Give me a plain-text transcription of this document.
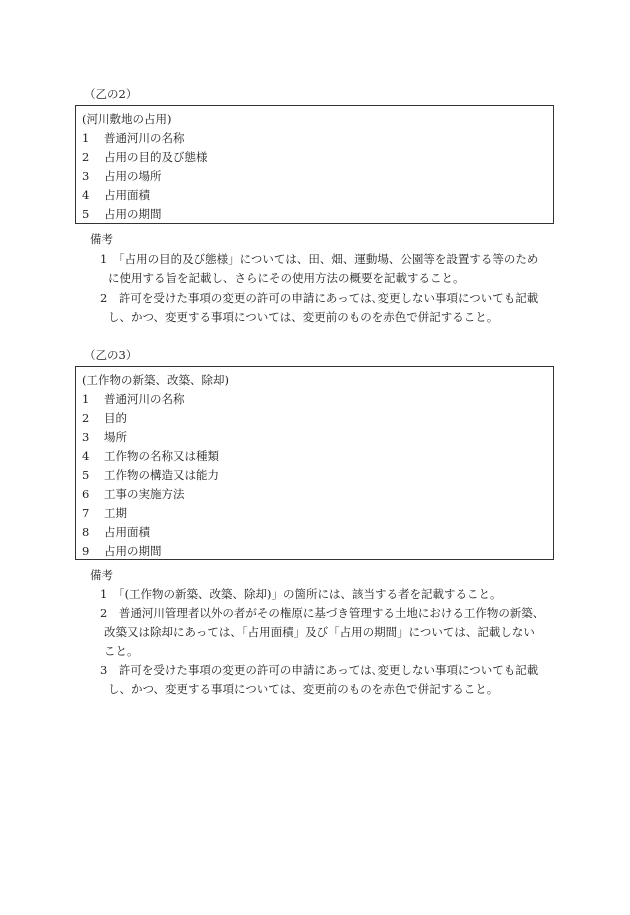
（乙の2）
(河川敷地の占用)
1 普通河川の名称
2 占用の目的及び態様
3 占用の場所
4 占用面積
5 占用の期間
備考
1　「占用の目的及び態様」については、田、畑、運動場、公園等を設置する等のため
に使用する旨を記載し、さらにその使用方法の概要を記載すること。
2　許可を受けた事項の変更の許可の申請にあっては､変更しない事項についても記載
し、かつ、変更する事項については、変更前のものを赤色で併記すること。
（乙の3）
(工作物の新築、改築、除却)
1 普通河川の名称
2 目的
3 場所
4 工作物の名称又は種類
5 工作物の構造又は能力
6 工事の実施方法
7 工期
8 占用面積
9 占用の期間
備考
1　「(工作物の新築、改築、除却)」の箇所には、該当する者を記載すること。
2　普通河川管理者以外の者がその権原に基づき管理する土地における工作物の新築、
改築又は除却にあっては、「占用面積」及び「占用の期間」については、記載しない
こと。
3　許可を受けた事項の変更の許可の申請にあっては､変更しない事項についても記載
し、かつ、変更する事項については、変更前のものを赤色で併記すること。
